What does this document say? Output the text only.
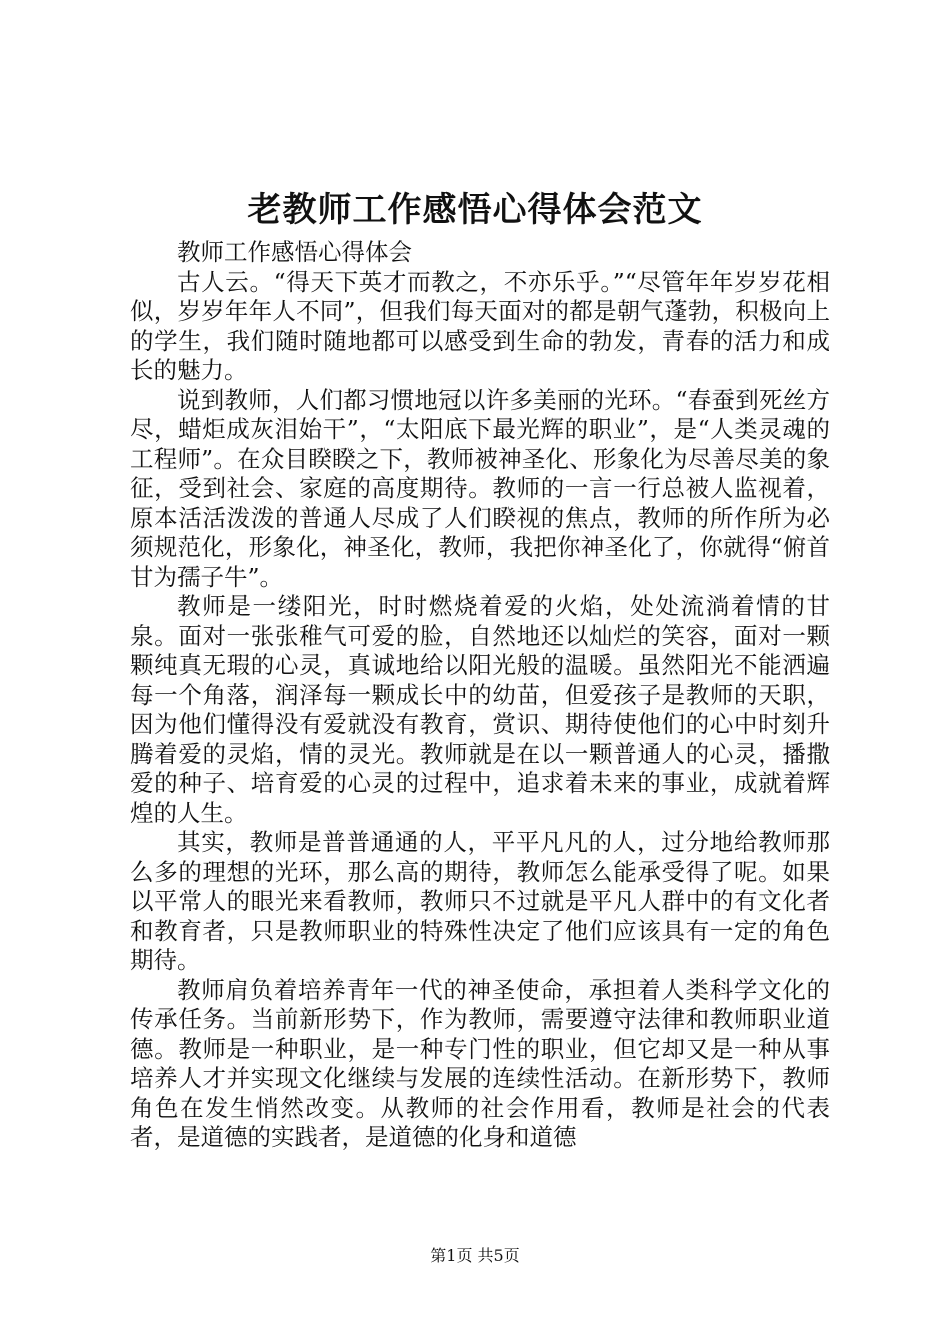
老教师工作感悟心得体会范文

教师工作感悟心得体会

古人云。“得天下英才而教之，不亦乐乎。”“尽管年年岁岁花相似，岁岁年年人不同”，但我们每天面对的都是朝气蓬勃，积极向上的学生，我们随时随地都可以感受到生命的勃发，青春的活力和成长的魅力。

说到教师，人们都习惯地冠以许多美丽的光环。“春蚕到死丝方尽，蜡炬成灰泪始干”，“太阳底下最光辉的职业”，是“人类灵魂的工程师”。在众目睽睽之下，教师被神圣化、形象化为尽善尽美的象征，受到社会、家庭的高度期待。教师的一言一行总被人监视着，原本活活泼泼的普通人尽成了人们睽视的焦点，教师的所作所为必须规范化，形象化，神圣化，教师，我把你神圣化了，你就得“俯首甘为孺子牛”。

教师是一缕阳光，时时燃烧着爱的火焰，处处流淌着情的甘泉。面对一张张稚气可爱的脸，自然地还以灿烂的笑容，面对一颗颗纯真无瑕的心灵，真诚地给以阳光般的温暖。虽然阳光不能洒遍每一个角落，润泽每一颗成长中的幼苗，但爱孩子是教师的天职，因为他们懂得没有爱就没有教育，赏识、期待使他们的心中时刻升腾着爱的灵焰，情的灵光。教师就是在以一颗普通人的心灵，播撒爱的种子、培育爱的心灵的过程中，追求着未来的事业，成就着辉煌的人生。

其实，教师是普普通通的人，平平凡凡的人，过分地给教师那么多的理想的光环，那么高的期待，教师怎么能承受得了呢。如果以平常人的眼光来看教师，教师只不过就是平凡人群中的有文化者和教育者，只是教师职业的特殊性决定了他们应该具有一定的角色期待。

教师肩负着培养青年一代的神圣使命，承担着人类科学文化的传承任务。当前新形势下，作为教师，需要遵守法律和教师职业道德。教师是一种职业，是一种专门性的职业，但它却又是一种从事培养人才并实现文化继续与发展的连续性活动。在新形势下，教师角色在发生悄然改变。从教师的社会作用看，教师是社会的代表者，是道德的实践者，是道德的化身和道德

第1页 共5页
